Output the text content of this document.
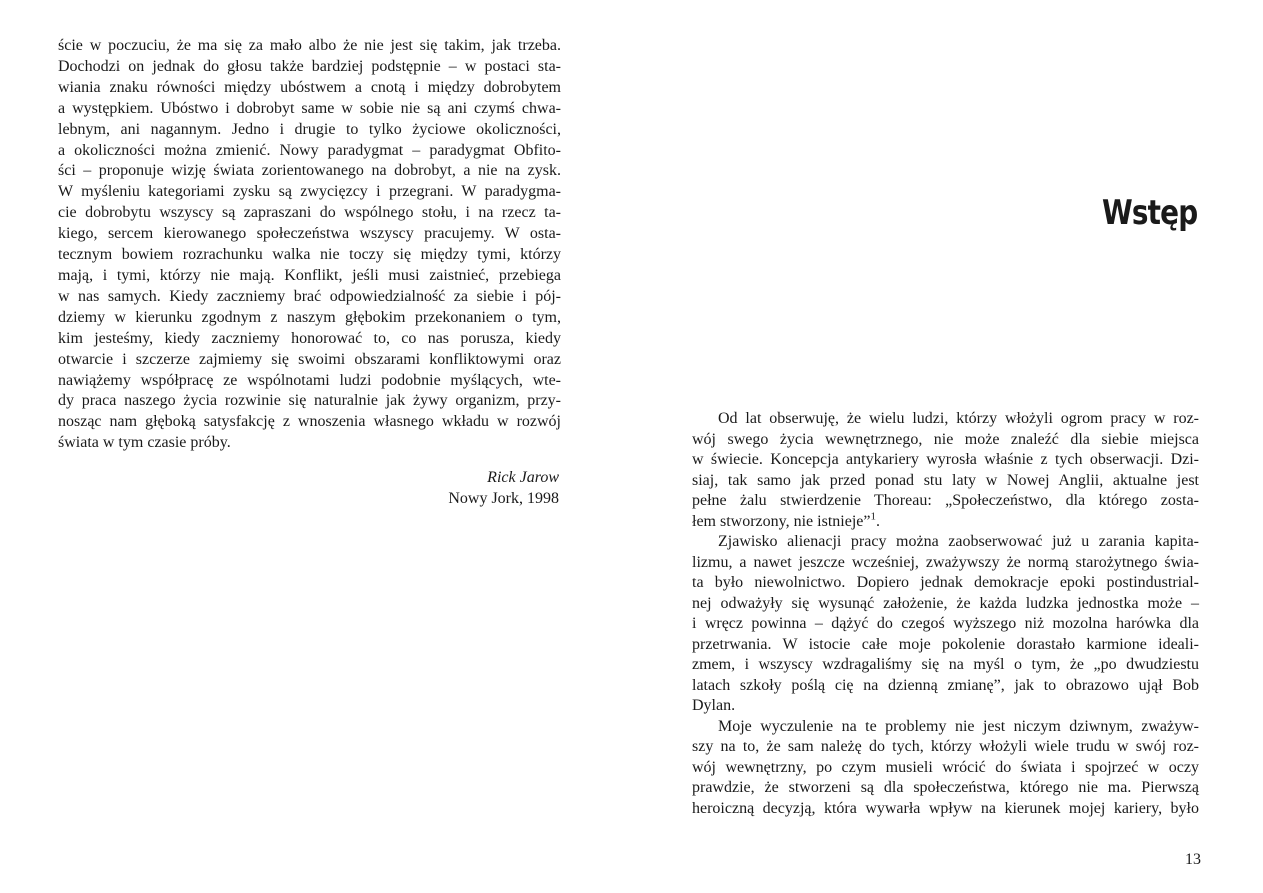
ście w poczuciu, że ma się za mało albo że nie jest się takim, jak trzeba.
Dochodzi on jednak do głosu także bardziej podstępnie – w postaci sta-
wiania znaku równości między ubóstwem a cnotą i między dobrobytem
a występkiem. Ubóstwo i dobrobyt same w sobie nie są ani czymś chwa-
lebnym, ani nagannym. Jedno i drugie to tylko życiowe okoliczności,
a okoliczności można zmienić. Nowy paradygmat – paradygmat Obfito-
ści – proponuje wizję świata zorientowanego na dobrobyt, a nie na zysk.
W myśleniu kategoriami zysku są zwycięzcy i przegrani. W paradygma-
cie dobrobytu wszyscy są zapraszani do wspólnego stołu, i na rzecz ta-
kiego, sercem kierowanego społeczeństwa wszyscy pracujemy. W osta-
tecznym bowiem rozrachunku walka nie toczy się między tymi, którzy
mają, i tymi, którzy nie mają. Konflikt, jeśli musi zaistnieć, przebiega
w nas samych. Kiedy zaczniemy brać odpowiedzialność za siebie i pój-
dziemy w kierunku zgodnym z naszym głębokim przekonaniem o tym,
kim jesteśmy, kiedy zaczniemy honorować to, co nas porusza, kiedy
otwarcie i szczerze zajmiemy się swoimi obszarami konfliktowymi oraz
nawiążemy współpracę ze wspólnotami ludzi podobnie myślących, wte-
dy praca naszego życia rozwinie się naturalnie jak żywy organizm, przy-
nosząc nam głęboką satysfakcję z wnoszenia własnego wkładu w rozwój
świata w tym czasie próby.

Rick Jarow
Nowy Jork, 1998
Wstęp

Od lat obserwuję, że wielu ludzi, którzy włożyli ogrom pracy w roz-
wój swego życia wewnętrznego, nie może znaleźć dla siebie miejsca
w świecie. Koncepcja antykariery wyrosła właśnie z tych obserwacji. Dzi-
siaj, tak samo jak przed ponad stu laty w Nowej Anglii, aktualne jest
pełne żalu stwierdzenie Thoreau: „Społeczeństwo, dla którego zosta-
łem stworzony, nie istnieje”$^1$.

Zjawisko alienacji pracy można zaobserwować już u zarania kapita-
lizmu, a nawet jeszcze wcześniej, zważywszy że normą starożytnego świa-
ta było niewolnictwo. Dopiero jednak demokracje epoki postindustrial-
nej odważyły się wysunąć założenie, że każda ludzka jednostka może –
i wręcz powinna – dążyć do czegoś wyższego niż mozolna harówka dla
przetrwania. W istocie całe moje pokolenie dorastało karmione ideali-
zmem, i wszyscy wzdragaliśmy się na myśl o tym, że „po dwudziestu
latach szkoły poślą cię na dzienną zmianę”, jak to obrazowo ujął Bob
Dylan.

Moje wyczulenie na te problemy nie jest niczym dziwnym, zważyw-
szy na to, że sam należę do tych, którzy włożyli wiele trudu w swój roz-
wój wewnętrzny, po czym musieli wrócić do świata i spojrzeć w oczy
prawdzie, że stworzeni są dla społeczeństwa, którego nie ma. Pierwszą
heroiczną decyzją, która wywarła wpływ na kierunek mojej kariery, było

13
